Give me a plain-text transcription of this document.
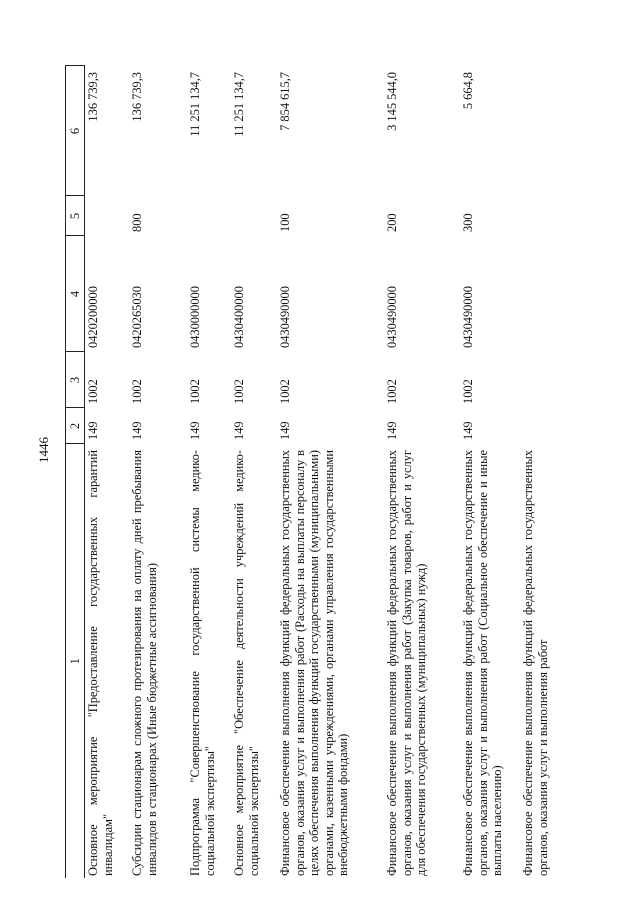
1446
1	2	3	4	5	6
Основное мероприятие "Предоставление государственных гарантий инвалидам"	149	1002	0420200000		136 739,3
Субсидии стационарам сложного протезирования на оплату дней пребывания инвалидов в стационарах (Иные бюджетные ассигнования)	149	1002	0420265030	800	136 739,3
Подпрограмма "Совершенствование государственной системы медико-социальной экспертизы"	149	1002	0430000000		11 251 134,7
Основное мероприятие "Обеспечение деятельности учреждений медико-социальной экспертизы"	149	1002	0430400000		11 251 134,7
Финансовое обеспечение выполнения функций федеральных государственных органов, оказания услуг и выполнения работ (Расходы на выплаты персоналу в целях обеспечения выполнения функций государственными (муниципальными) органами, казенными учреждениями, органами управления государственными внебюджетными фондами)	149	1002	0430490000	100	7 854 615,7
Финансовое обеспечение выполнения функций федеральных государственных органов, оказания услуг и выполнения работ (Закупка товаров, работ и услуг для обеспечения государственных (муниципальных) нужд)	149	1002	0430490000	200	3 145 544,0
Финансовое обеспечение выполнения функций федеральных государственных органов, оказания услуг и выполнения работ (Социальное обеспечение и иные выплаты населению)	149	1002	0430490000	300	5 664,8
Финансовое обеспечение выполнения функций федеральных государственных органов, оказания услуг и выполнения работ					
